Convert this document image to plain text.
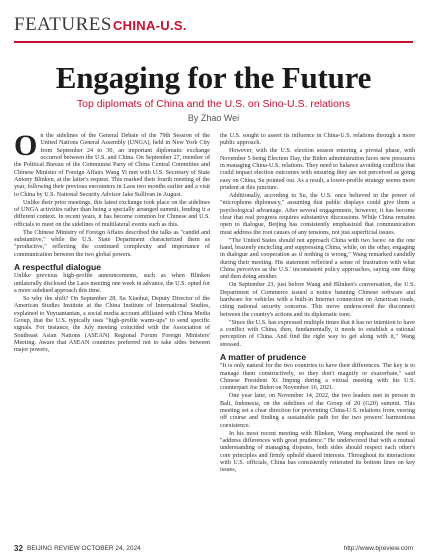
FEATURES CHINA-U.S.
Engaging for the Future
Top diplomats of China and the U.S. on Sino-U.S. relations
By Zhao Wei

On the sidelines of the General Debate of the 79th Session of the United Nations General Assembly (UNGA), held in New York City from September 24 to 30, an important diplomatic exchange occurred between the U.S. and China. On September 27, member of the Political Bureau of the Communist Party of China Central Committee and Chinese Minister of Foreign Affairs Wang Yi met with U.S. Secretary of State Antony Blinken, at the latter's request. This marked their fourth meeting of the year, following their previous encounters in Laos two months earlier and a visit to China by U.S. National Security Advisor Jake Sullivan in August.

Unlike their prior meetings, this latest exchange took place on the sidelines of UNGA activities rather than being a specially arranged summit, lending it a different context. In recent years, it has become common for Chinese and U.S. officials to meet on the sidelines of multilateral events such as this.

The Chinese Ministry of Foreign Affairs described the talks as "candid and substantive," while the U.S. State Department characterized them as "productive," reflecting the continued complexity and importance of communication between the two global powers.

A respectful dialogue

Unlike previous high-profile announcements, such as when Blinken unilaterally disclosed the Laos meeting one week in advance, the U.S. opted for a more subdued approach this time.

So why the shift? On September 28, Su Xiaohui, Deputy Director of the American Studies Institute at the China Institute of International Studies, explained to Yuyuantantan, a social media account affiliated with China Media Group, that the U.S. typically uses "high-profile warm-ups" to send specific signals. For instance, the July meeting coincided with the Association of Southeast Asian Nations (ASEAN) Regional Forum Foreign Ministers' Meeting. Aware that ASEAN countries preferred not to take sides between major powers,

the U.S. sought to assert its influence in China-U.S. relations through a more public approach.

However, with the U.S. election season entering a pivotal phase, with November 5 being Election Day, the Biden administration faces new pressures in managing China-U.S. relations. They need to balance avoiding conflicts that could impact election outcomes with ensuring they are not perceived as going easy on China, Su pointed out. As a result, a lower-profile strategy seems more prudent at this juncture.

Additionally, according to Su, the U.S. once believed in the power of "microphone diplomacy," assuming that public displays could give them a psychological advantage. After several engagements, however, it has become clear that real progress requires substantive discussions. While China remains open to dialogue, Beijing has consistently emphasized that communication must address the root causes of any tensions, not just superficial issues.

"The United States should not approach China with two faces: on the one hand, brazenly encircling and suppressing China, while, on the other, engaging in dialogue and cooperation as if nothing is wrong," Wang remarked candidly during their meeting. His statement reflected a sense of frustration with what China perceives as the U.S.' inconsistent policy approaches, saying one thing and then doing another.

On September 23, just before Wang and Blinken's conversation, the U.S. Department of Commerce issued a notice banning Chinese software and hardware for vehicles with a built-in Internet connection on American roads, citing national security concerns. This move underscored the disconnect between the country's actions and its diplomatic tone.

"Since the U.S. has expressed multiple times that it has no intention to have a conflict with China, then, fundamentally, it needs to establish a rational perception of China. And find the right way to get along with it," Wang stressed.

A matter of prudence

"It is only natural for the two countries to have their differences. The key is to manage them constructively, so they don't magnify or exacerbate," said Chinese President Xi Jinping during a virtual meeting with his U.S. counterpart Joe Biden on November 16, 2021.

One year later, on November 14, 2022, the two leaders met in person in Bali, Indonesia, on the sidelines of the Group of 20 (G20) summit. This meeting set a clear direction for preventing China-U.S. relations from veering off course and finding a sustainable path for the two powers' harmonious coexistence.

In his most recent meeting with Blinken, Wang emphasized the need to "address differences with great prudence." He underscored that with a mutual understanding of managing disputes, both sides should respect each other's core principles and firmly uphold shared interests. Throughout its interactions with U.S. officials, China has consistently reiterated its bottom lines on key issues,

32 BEIJING REVIEW OCTOBER 24, 2024	http://www.bjreview.com
